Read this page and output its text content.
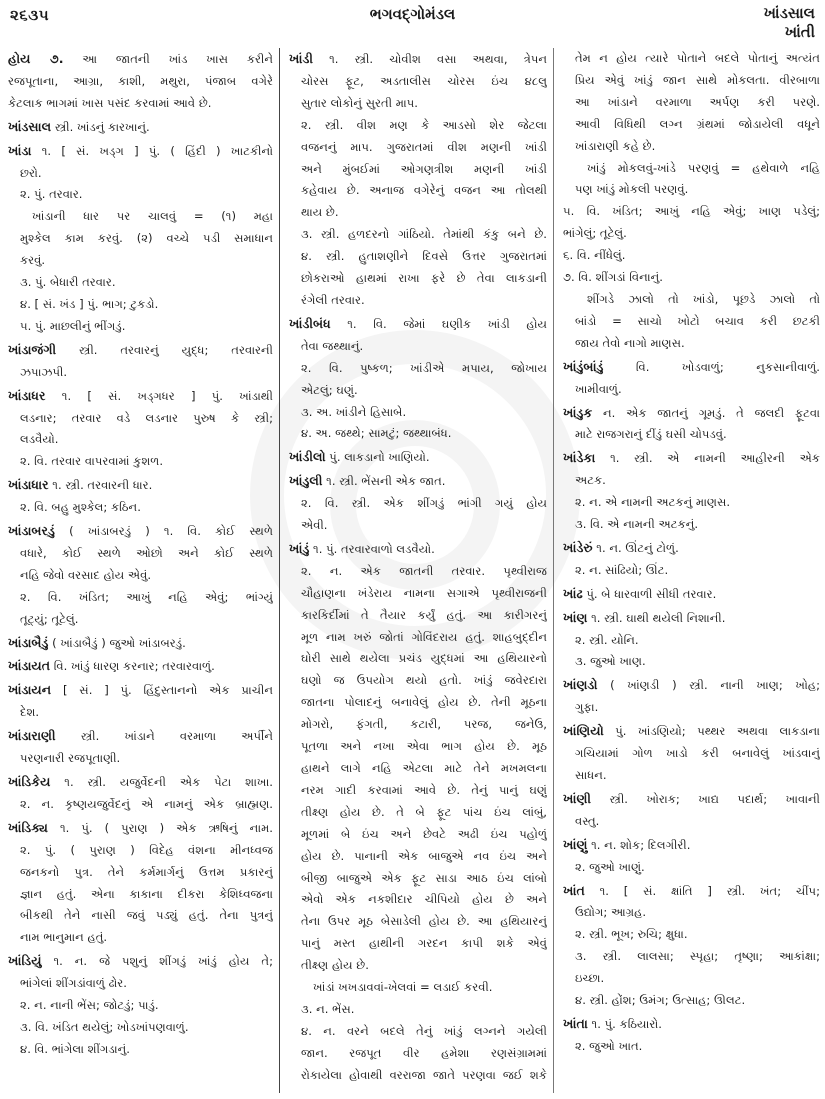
૨૬૩૫	ભગવદ્ગોમંડલ	ખાંડસાલ
ખાંતી
હોય ૭. આ જાતની ખાંડ ખાસ કરીને
રજપૂતાના, આગ્રા, કાશી, મથુરા, પંજાબ વગેરે
કેટલાક ભાગમાં ખાસ પસંદ કરવામાં આવે છે.
ખાંડસાલ સ્ત્રી. ખાંડનું કારખાનું.
ખાંડા ૧. [ સં. ખડ્ગ ] પું. ( હિંદી ) ખાટકીનો
છરો.
૨. પું. તરવાર.
ખાંડાની ધાર પર ચાલવું = (૧) મહા
મુશ્કેલ કામ કરવું. (૨) વચ્ચે પડી સમાધાન
કરવું.
૩. પું. બેધારી તરવાર.
૪. [ સં. ખંડ ] પું. ભાગ; ટુકડો.
૫. પું. માછલીનું ભીંગડું.
ખાંડાજંગી સ્ત્રી. તરવારનું યુદ્ધ; તરવારની
ઝપાઝપી.
ખાંડાધર ૧. [ સં. ખડ્ગધર ] પું. ખાંડાથી
લડનાર; તરવાર વડે લડનાર પુરુષ કે સ્ત્રી;
લડવૈયો.
૨. વિ. તરવાર વાપરવામાં કુશળ.
ખાંડાધાર ૧. સ્ત્રી. તરવારની ધાર.
૨. વિ. બહુ મુશ્કેલ; કઠિન.
ખાંડાબરડું ( ખાંડાબરડું ) ૧. વિ. કોઈ સ્થળે
વધારે, કોઈ સ્થળે ઓછો અને કોઈ સ્થળે
નહિ જેવો વરસાદ હોય એવું.
૨. વિ. ખંડિત; આખું નહિ એવું; ભાંગ્યું
તૂટ્યું; તૂટેલું.
ખાંડાબૈડું ( ખાંડાબૈડું ) જુઓ ખાંડાબરડું.
ખાંડાયત વિ. ખાંડું ધારણ કરનાર; તરવારવાળું.
ખાંડાયન [ સં. ] પું. હિંદુસ્તાનનો એક પ્રાચીન
દેશ.
ખાંડારાણી સ્ત્રી. ખાંડાને વરમાળા અર્પીને
પરણનારી રજપૂતાણી.
ખાંડિકેય ૧. સ્ત્રી. યજુર્વેદની એક પેટા શાખા.
૨. ન. કૃષ્ણયજુર્વેદનું એ નામનું એક બ્રાહ્મણ.
ખાંડિક્ય ૧. પું. ( પુરાણ ) એક ઋષિનું નામ.
૨. પું. ( પુરાણ ) વિદેહ વંશના મીનધ્વજ
જનકનો પુત્ર. તેને કર્મમાર્ગનું ઉત્તમ પ્રકારનું
જ્ઞાન હતું. એના કાકાના દીકરા કેશિધ્વજના
બીકથી તેને નાસી જવું પડ્યું હતું. તેના પુત્રનું
નામ ભાનુમાન હતું.
ખાંડિયું ૧. ન. જે પશુનું શીંગડું ખાંડું હોય તે;
ભાંગેલાં શીંગડાંવાળું ઢોર.
૨. ન. નાની ભેંસ; જોટડું; પાડું.
૩. વિ. ખંડિત થયેલું; ખોડખાંપણવાળું.
૪. વિ. ભાંગેલા શીંગડાનું.
ખાંડી ૧. સ્ત્રી. ચોવીશ વસા અથવા, ત્રેપન
ચોરસ ફૂટ, અડતાલીસ ચોરસ ઇંચ ૪૮લુ
સુતાર લોકોનું સુરતી માપ.
૨. સ્ત્રી. વીશ મણ કે આડસો શેર જેટલા
વજનનું માપ. ગુજરાતમાં વીશ મણની ખાંડી
અને મુંબઈમાં ઓગણત્રીશ મણની ખાંડી
કહેવાય છે. અનાજ વગેરેનું વજન આ તોલથી
થાય છે.
૩. સ્ત્રી. હળદરનો ગાંઠિયો. તેમાંથી કંકુ બને છે.
૪. સ્ત્રી. હુતાશણીને દિવસે ઉત્તર ગુજરાતમાં
છોકરાઓ હાથમાં રાખા ફરે છે તેવા લાકડાની
રંગેલી તરવાર.
ખાંડીબંધ ૧. વિ. જેમાં ઘણીક ખાંડી હોય
તેવા જથ્થાનું.
૨. વિ. પુષ્કળ; ખાંડીએ મપાય, જોખાય
એટલું; ઘણું.
૩. અ. ખાંડીને હિસાબે.
૪. અ. જથ્થે; સામટું; જથ્થાબંધ.
ખાંડીલો પું. લાકડાનો ખાણિયો.
ખાંડુલી ૧. સ્ત્રી. ભેંસની એક જાત.
૨. વિ. સ્ત્રી. એક શીંગડું ભાંગી ગયું હોય
એવી.
ખાંડું ૧. પું. તરવારવાળો લડવૈયો.
૨. ન. એક જાતની તરવાર. પૃથ્વીરાજ
ચૌહાણના ખંડેરાય નામના સગાએ પૃથ્વીરાજની
કારકિર્દીમાં તે તૈયાર કર્યું હતું. આ કારીગરનું
મૂળ નામ ખરું જોતાં ગોવિંદરાય હતું. શાહબુદ્દીન
ઘોરી સાથે થયેલા પ્રચંડ યુદ્ધમાં આ હથિયારનો
ઘણો જ ઉપયોગ થયો હતો. ખાંડું જવેરદારા
જાતના પોલાદનું બનાવેલું હોય છે. તેની મૂઠના
મોગરો, ફંગતી, કટારી, પરજ, જનેઉ,
પૂતળા અને નખા એવા ભાગ હોય છે. મૂઠ
હાથને લાગે નહિ એટલા માટે તેને મખમલના
નરમ ગાદી કરવામાં આવે છે. તેનું પાનું ઘણું
તીક્ષ્ણ હોય છે. તે બે ફૂટ પાંચ ઇંચ લાંબું,
મૂળમાં બે ઇંચ અને છેવટે અઢી ઇંચ પહોળું
હોય છે. પાનાની એક બાજુએ નવ ઇંચ અને
બીજી બાજુએ એક ફૂટ સાડા આઠ ઇંચ લાંબો
એવો એક નકશીદાર ચીપિયો હોય છે અને
તેના ઉપર મૂઠ બેસાડેલી હોય છે. આ હથિયારનું
પાનું મસ્ત હાથીની ગરદન કાપી શકે એવું
તીક્ષ્ણ હોય છે.
ખાંડાં ખખડાવવાં-ખેલવાં = લડાઈ કરવી.
૩. ન. ભેંસ.
૪. ન. વરને બદલે તેનું ખાંડું લગ્નને ગયેલી
જાન. રજપૂત વીર હમેશા રણસંગ્રામમાં
રોકાયેલા હોવાથી વરરાજા જાતે પરણવા જઈ શકે
તેમ ન હોય ત્યારે પોતાને બદલે પોતાનું અત્યંત
પ્રિય એવું ખાંડું જાન સાથે મોકલતા. વીરબાળા
આ ખાંડાને વરમાળા અર્પણ કરી પરણે.
આવી વિધિથી લગ્ન ગ્રંથમાં જોડાયેલી વધૂને
ખાંડારાણી કહે છે.
ખાંડું મોકલવું-ખાંડે પરણવું = હથેવાળે નહિ
પણ ખાંડું મોકલી પરણવું.
૫. વિ. ખંડિત; આખું નહિ એવું; ખાણ પડેલું;
ભાંગેલું; તૂટેલું.
૬. વિ. નીંધેલું.
૭. વિ. શીંગડાં વિનાનું.
શીંગડે ઝાલો તો ખાંડો, પૂછડે ઝાલો તો
બાંડો = સાચો ખોટો બચાવ કરી છટકી
જાય તેવો નાગો માણસ.
ખાંડુંબાંડું વિ. ખોડવાળું; નુકસાનીવાળું.
ખામીવાળું.
ખાંડુક ન. એક જાતનું ગૂમડું. તે જલદી ફૂટવા
માટે રાજગરાનું દીંડું ઘસી ચોપડવું.
ખાંડેકા ૧. સ્ત્રી. એ નામની આહીરની એક
અટક.
૨. ન. એ નામની અટકનું માણસ.
૩. વિ. એ નામની અટકનું.
ખાંડેરું ૧. ન. ઊંટનું ટોળું.
૨. ન. સાંઢિયો; ઊંટ.
ખાંઢ પું. બે ધારવાળી સીધી તરવાર.
ખાંણ ૧. સ્ત્રી. ઘાથી થયેલી નિશાની.
૨. સ્ત્રી. યોનિ.
૩. જુઓ ખાણ.
ખાંણડો ( ખાંણડી ) સ્ત્રી. નાની ખાણ; ખોહ;
ગુફા.
ખાંણિયો પું. ખાંડણિયો; પથ્થર અથવા લાકડાના
ગચિયામાં ગોળ ખાડો કરી બનાવેલું ખાંડવાનું
સાધન.
ખાંણી સ્ત્રી. ખોરાક; ખાદ્ય પદાર્થ; ખાવાની
વસ્તુ.
ખાંણું ૧. ન. શોક; દિલગીરી.
૨. જુઓ ખાણું.
ખાંત ૧. [ સં. ક્ષાંતિ ] સ્ત્રી. ખંત; ચીંપ;
ઉદ્યોગ; આગ્રહ.
૨. સ્ત્રી. ભૂખ; રુચિ; ક્ષુધા.
૩. સ્ત્રી. લાલસા; સ્પૃહા; તૃષ્ણા; આકાંક્ષા;
ઇચ્છા.
૪. સ્ત્રી. હોંશ; ઉમંગ; ઉત્સાહ; ઊલટ.
ખાંતા ૧. પું. કઠિયારો.
૨. જુઓ ખાત.
